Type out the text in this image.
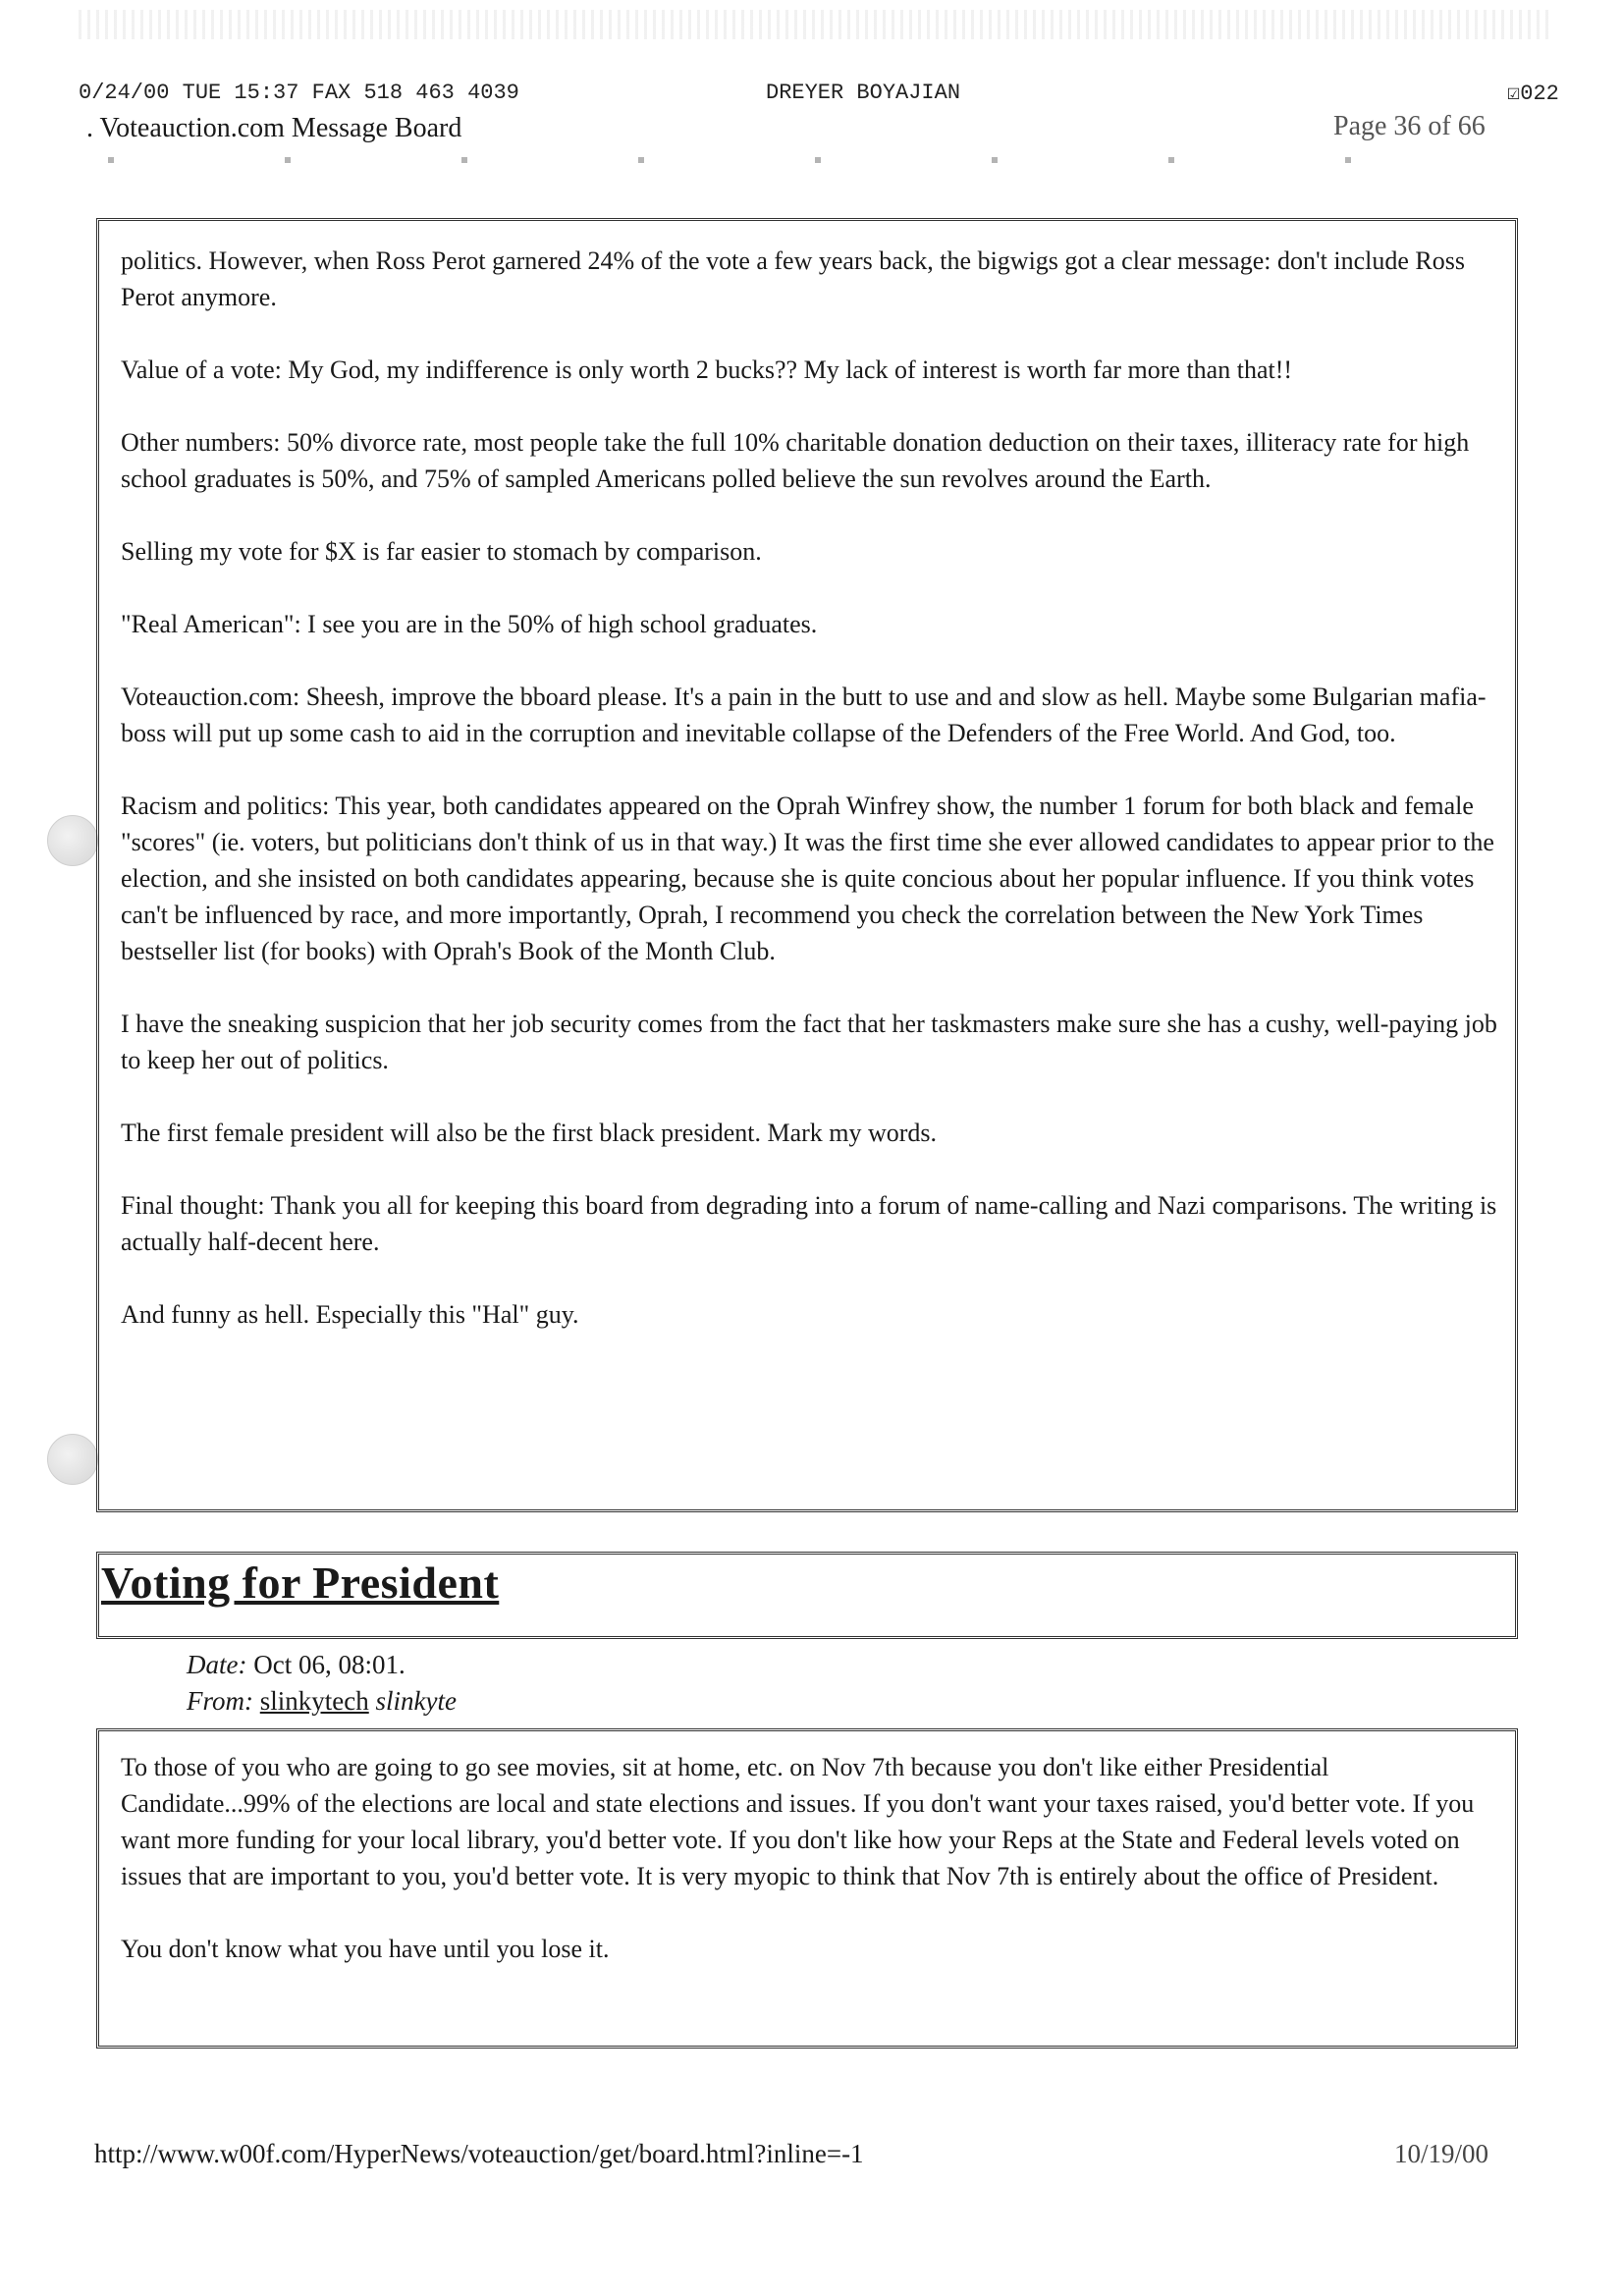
0/24/00 TUE 15:37 FAX 518 463 4039	DREYER BOYAJIAN	☑022
. Voteauction.com Message Board	Page 36 of 66

politics. However, when Ross Perot garnered 24% of the vote a few years back, the bigwigs got a clear message: don't include Ross Perot anymore.

Value of a vote: My God, my indifference is only worth 2 bucks?? My lack of interest is worth far more than that!!

Other numbers: 50% divorce rate, most people take the full 10% charitable donation deduction on their taxes, illiteracy rate for high school graduates is 50%, and 75% of sampled Americans polled believe the sun revolves around the Earth.

Selling my vote for $X is far easier to stomach by comparison.

"Real American": I see you are in the 50% of high school graduates.

Voteauction.com: Sheesh, improve the bboard please. It's a pain in the butt to use and and slow as hell. Maybe some Bulgarian mafia-boss will put up some cash to aid in the corruption and inevitable collapse of the Defenders of the Free World. And God, too.

Racism and politics: This year, both candidates appeared on the Oprah Winfrey show, the number 1 forum for both black and female "scores" (ie. voters, but politicians don't think of us in that way.) It was the first time she ever allowed candidates to appear prior to the election, and she insisted on both candidates appearing, because she is quite concious about her popular influence. If you think votes can't be influenced by race, and more importantly, Oprah, I recommend you check the correlation between the New York Times bestseller list (for books) with Oprah's Book of the Month Club.

I have the sneaking suspicion that her job security comes from the fact that her taskmasters make sure she has a cushy, well-paying job to keep her out of politics.

The first female president will also be the first black president. Mark my words.

Final thought: Thank you all for keeping this board from degrading into a forum of name-calling and Nazi comparisons. The writing is actually half-decent here.

And funny as hell. Especially this "Hal" guy.

Voting for President
Date: Oct 06, 08:01.
From: slinkytech slinkyte

To those of you who are going to go see movies, sit at home, etc. on Nov 7th because you don't like either Presidential Candidate...99% of the elections are local and state elections and issues. If you don't want your taxes raised, you'd better vote. If you want more funding for your local library, you'd better vote. If you don't like how your Reps at the State and Federal levels voted on issues that are important to you, you'd better vote. It is very myopic to think that Nov 7th is entirely about the office of President.

You don't know what you have until you lose it.

http://www.w00f.com/HyperNews/voteauction/get/board.html?inline=-1	10/19/00
